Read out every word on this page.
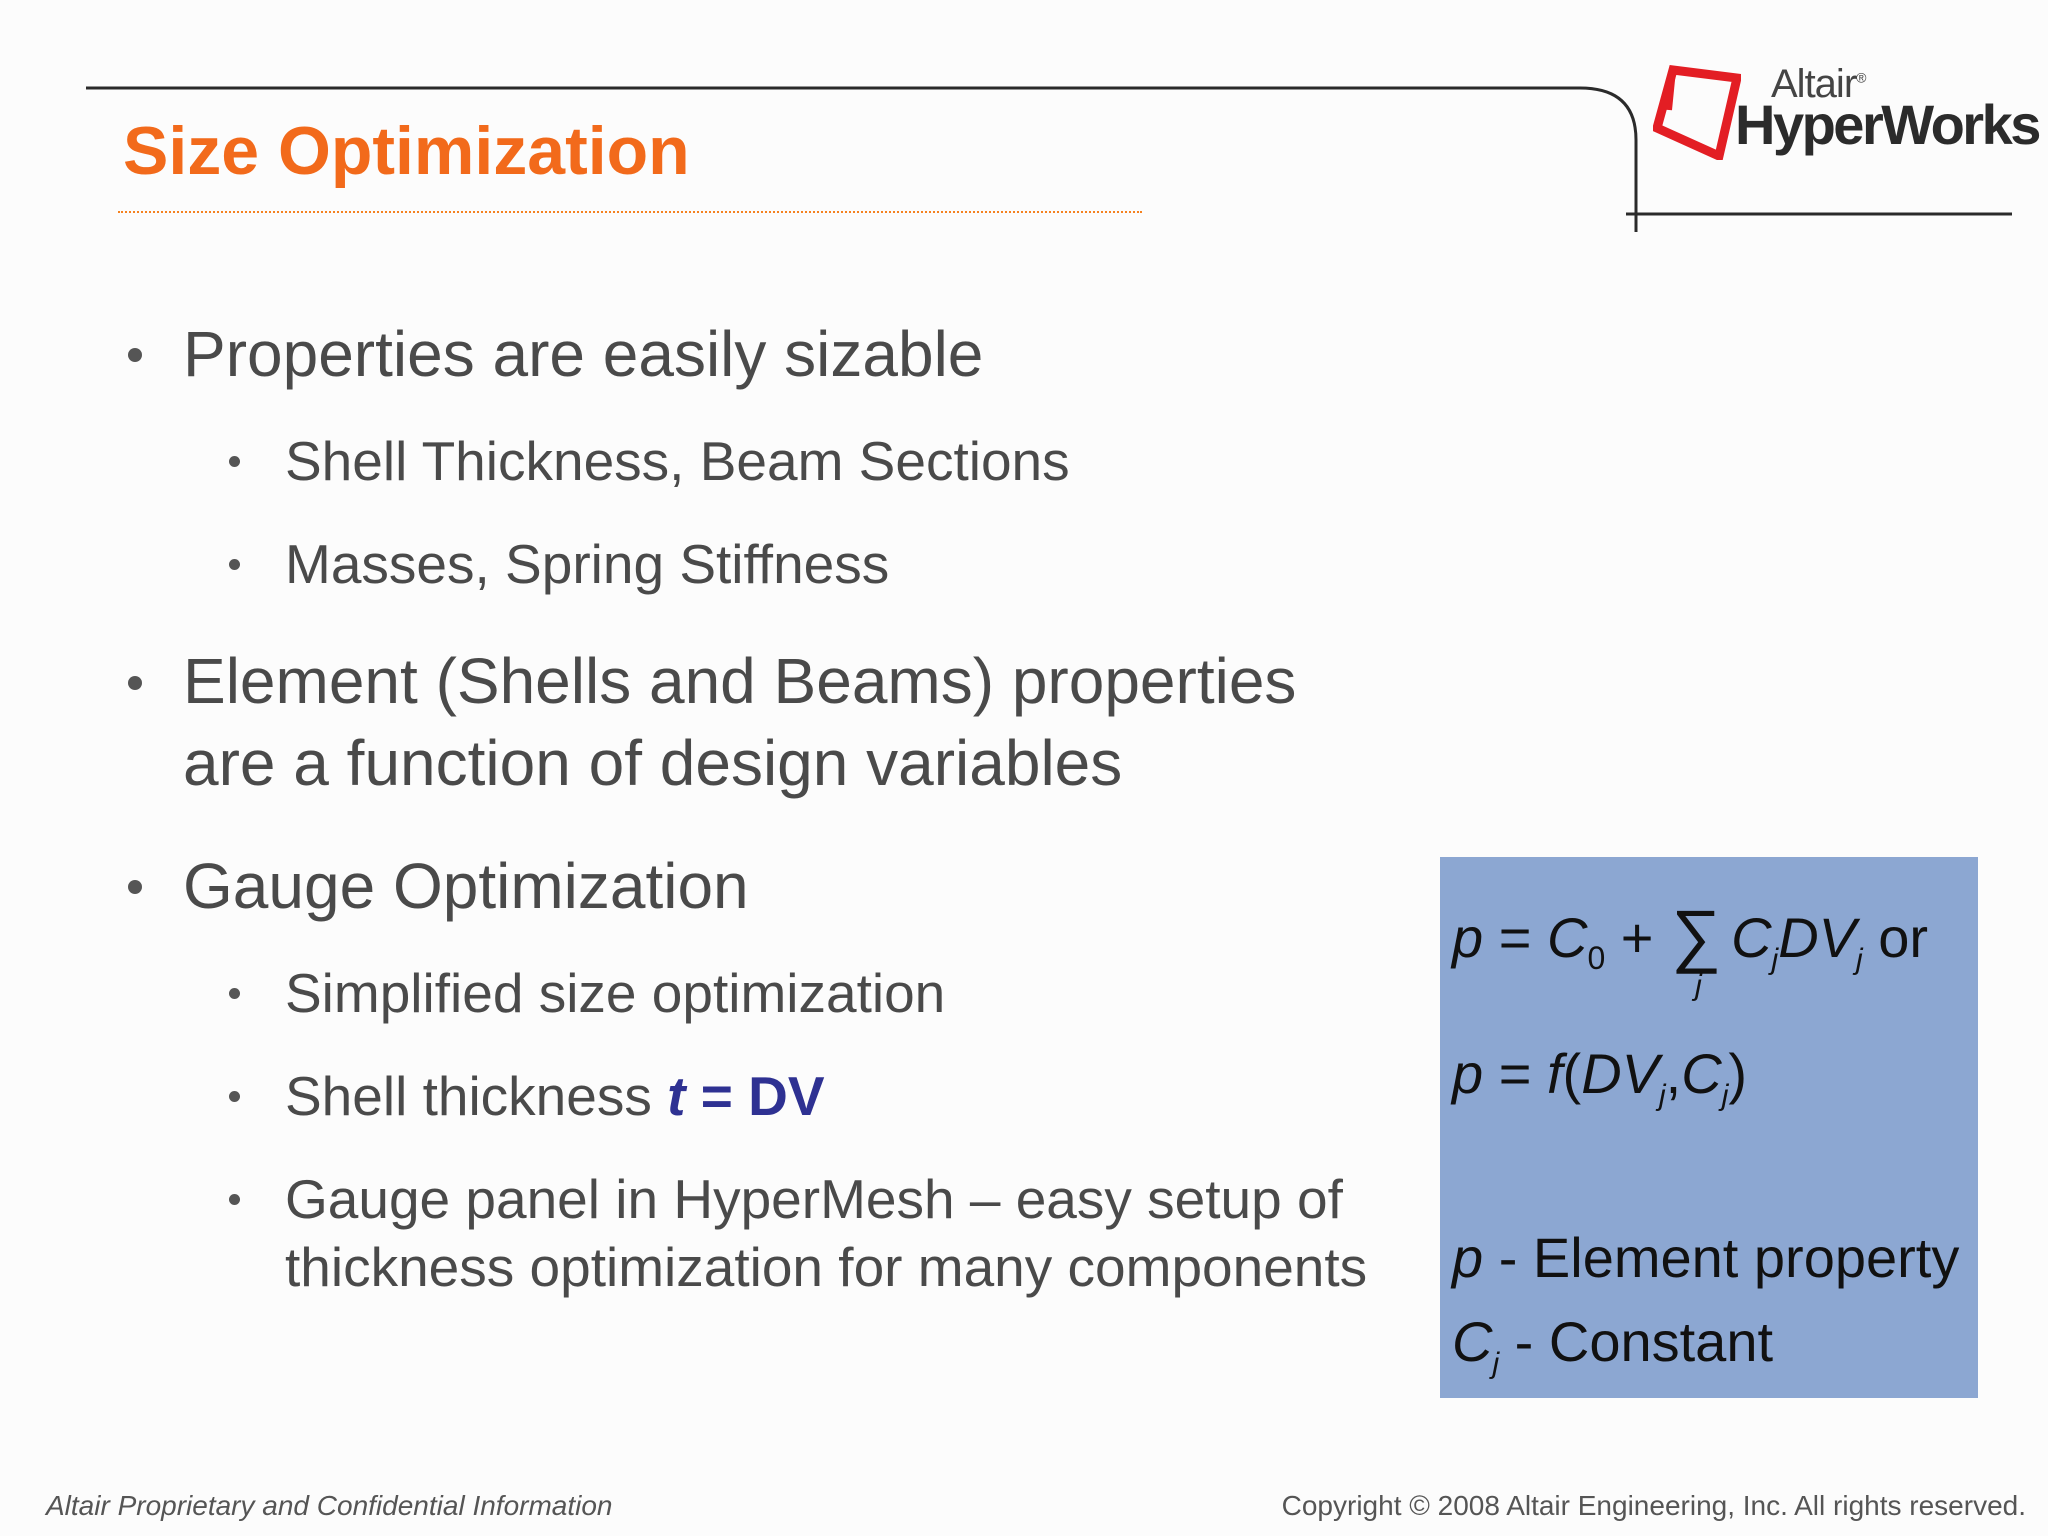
Size Optimization
Altair®
HyperWorks
Properties are easily sizable
Shell Thickness, Beam Sections
Masses, Spring Stiffness
Element (Shells and Beams) properties
are a function of design variables
Gauge Optimization
Simplified size optimization
Shell thickness t = DV
Gauge panel in HyperMesh – easy setup of
thickness optimization for many components
$p = C_0$ + ∑
j
$C_jDV_j$ or
$p = f(DV_j,C_j)$
p - Element property
$C_j$ - Constant
Altair Proprietary and Confidential Information	Copyright © 2008 Altair Engineering, Inc. All rights reserved.
